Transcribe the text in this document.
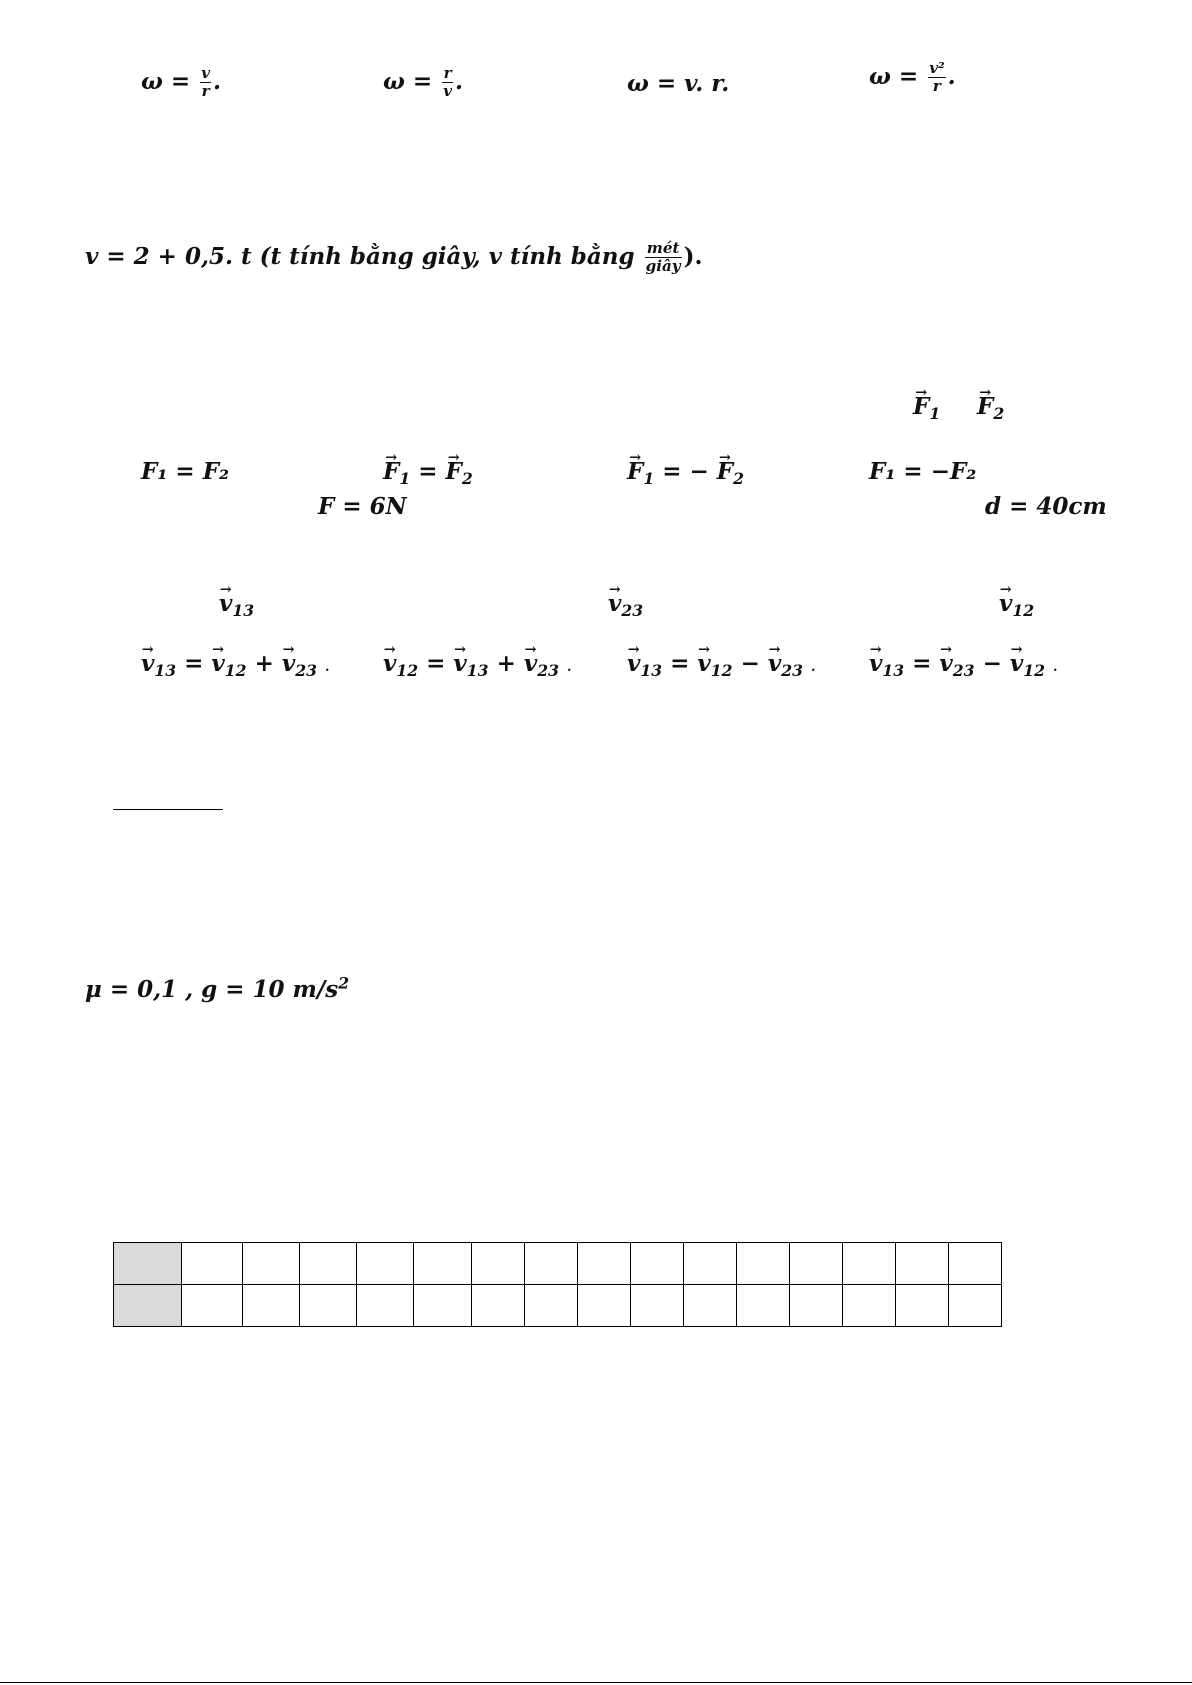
$\omega = \frac{v}{r}$ .	$\omega = \frac{r}{v}$ .	ω = v. r.	$\omega = \frac{\text{v²}}{r}$ .
v = 2 + 0,5. t (t tính bằng giây, v tính bằng $\frac{\text{mét}}{\text{giây}}$ ).
→ $F_1$
→ $F_2$
F₁ = F₂
→	$F_1$ = → $F_2$
→	$F_1$ = − → $F_2$	F₁ = −F₂
F = 6N	d = 40cm
→ $v_{13}$
→	$v_{23}$
→	$v_{12}$
→ $v_{13}$ = → $v_{12}$ + → $v_{23}$ .
→ $v_{12}$ = → $v_{13}$ + → $v_{23}$ .
→ $v_{13}$ = → $v_{12}$ − → $v_{23}$ .
→ $v_{13}$ = → $v_{23}$ − → $v_{12}$ .
μ = 0,1 , g = 10 $m/s^2$
